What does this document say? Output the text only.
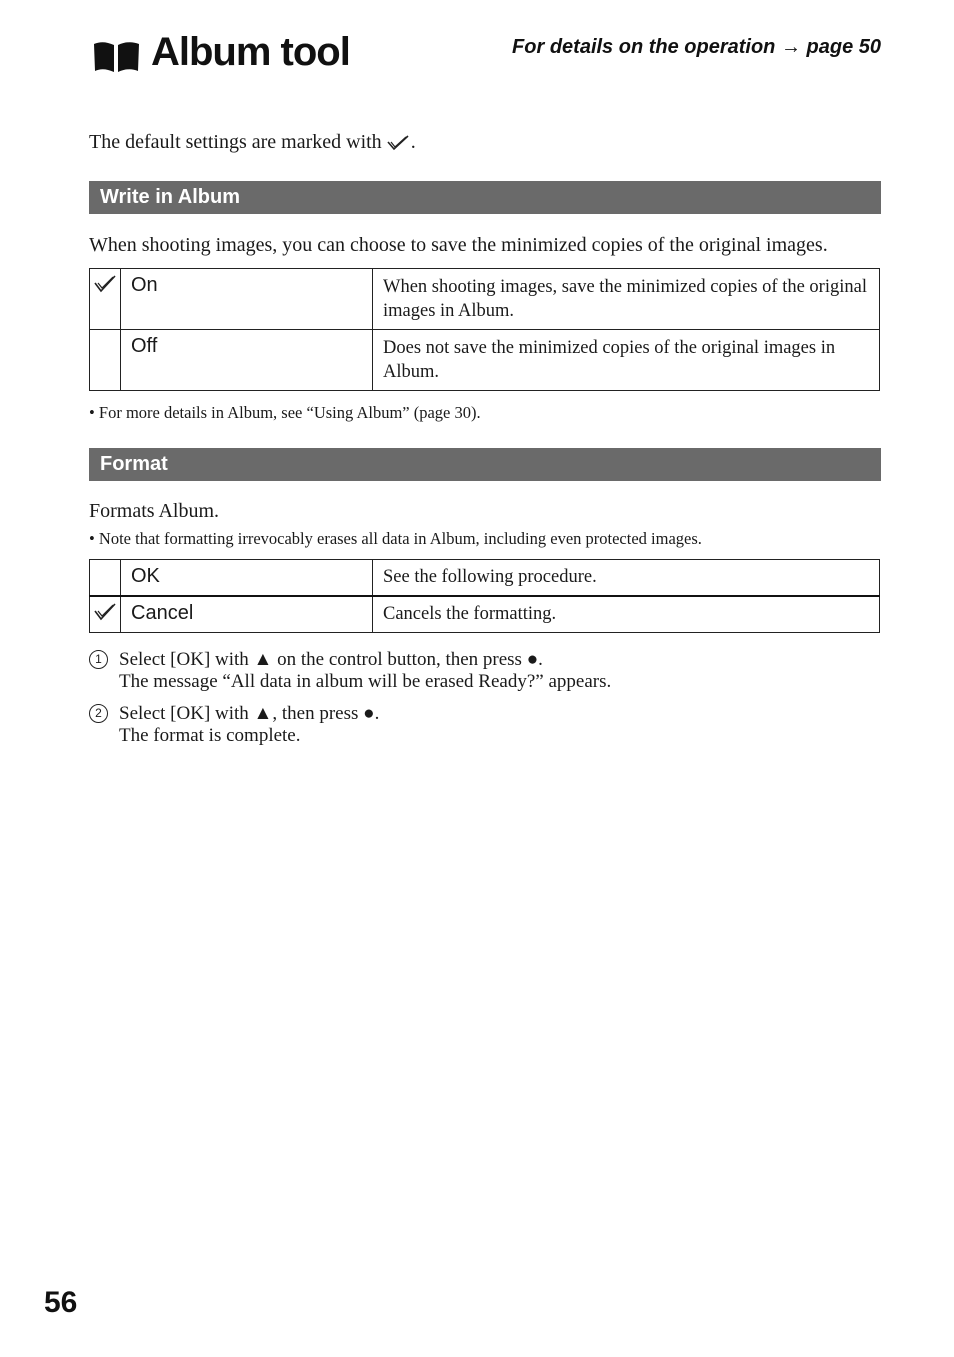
Album tool	For details on the operation → page 50

The default settings are marked with .

Write in Album

When shooting images, you can choose to save the minimized copies of the original images.

	On	When shooting images, save the minimized copies of the original images in Album.
	Off	Does not save the minimized copies of the original images in Album.

• For more details in Album, see “Using Album” (page 30).

Format

Formats Album.

• Note that formatting irrevocably erases all data in Album, including even protected images.

	OK	See the following procedure.
	Cancel	Cancels the formatting.
1 Select [OK] with ▲ on the control button, then press ●.
The message “All data in album will be erased Ready?” appears.
2 Select [OK] with ▲, then press ●.
The format is complete.
56
